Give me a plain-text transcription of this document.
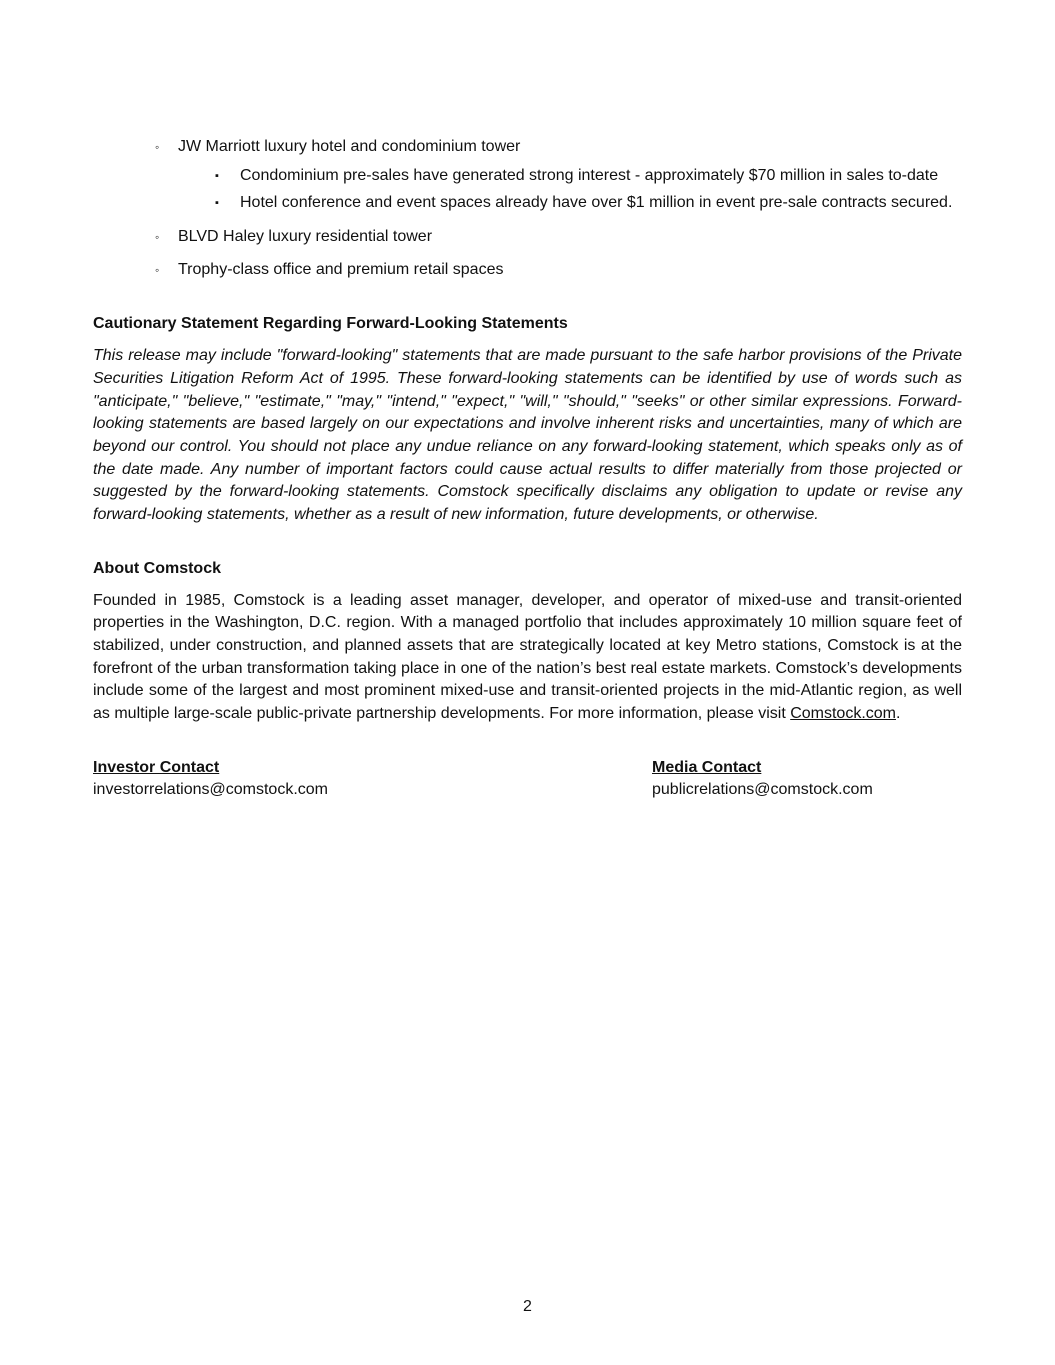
◦ JW Marriott luxury hotel and condominium tower
▪ Condominium pre-sales have generated strong interest - approximately $70 million in sales to-date
▪ Hotel conference and event spaces already have over $1 million in event pre-sale contracts secured.
◦ BLVD Haley luxury residential tower
◦ Trophy-class office and premium retail spaces
Cautionary Statement Regarding Forward-Looking Statements
This release may include "forward-looking" statements that are made pursuant to the safe harbor provisions of the Private Securities Litigation Reform Act of 1995. These forward-looking statements can be identified by use of words such as "anticipate," "believe," "estimate," "may," "intend," "expect," "will," "should," "seeks" or other similar expressions. Forward-looking statements are based largely on our expectations and involve inherent risks and uncertainties, many of which are beyond our control. You should not place any undue reliance on any forward-looking statement, which speaks only as of the date made. Any number of important factors could cause actual results to differ materially from those projected or suggested by the forward-looking statements. Comstock specifically disclaims any obligation to update or revise any forward-looking statements, whether as a result of new information, future developments, or otherwise.
About Comstock
Founded in 1985, Comstock is a leading asset manager, developer, and operator of mixed-use and transit-oriented properties in the Washington, D.C. region. With a managed portfolio that includes approximately 10 million square feet of stabilized, under construction, and planned assets that are strategically located at key Metro stations, Comstock is at the forefront of the urban transformation taking place in one of the nation’s best real estate markets. Comstock’s developments include some of the largest and most prominent mixed-use and transit-oriented projects in the mid-Atlantic region, as well as multiple large-scale public-private partnership developments. For more information, please visit Comstock.com.
Investor Contact
investorrelations@comstock.com
Media Contact
publicrelations@comstock.com
2
